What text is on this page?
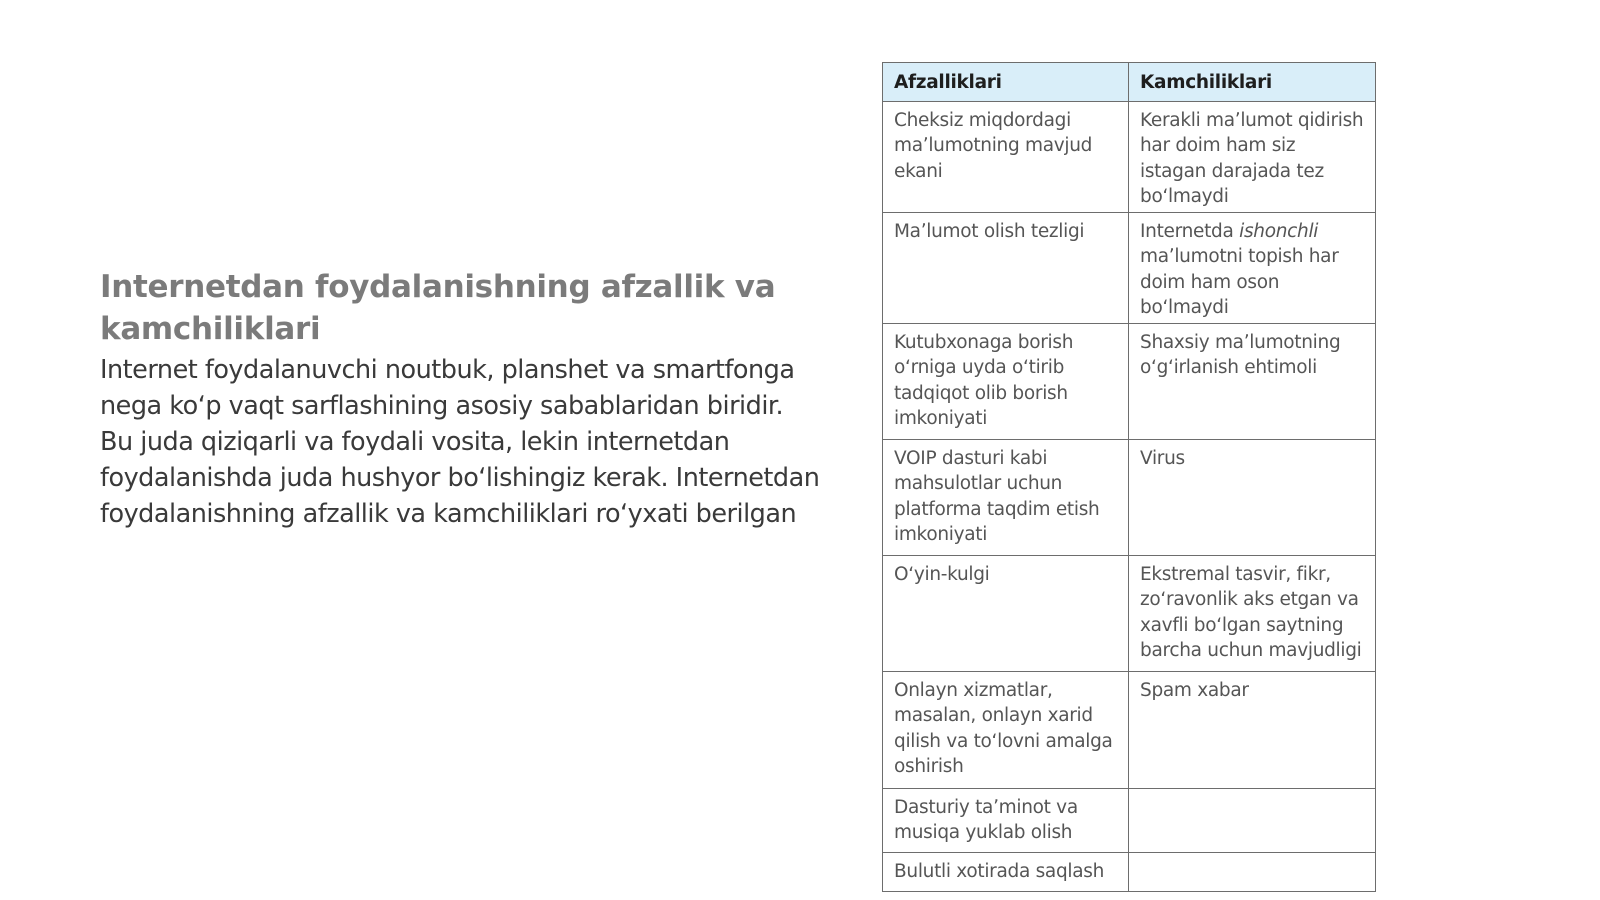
Internetdan foydalanishning afzallik va kamchiliklari

Internet foydalanuvchi noutbuk, planshet va smartfonga nega koʻp vaqt sarflashining asosiy sabablaridan biridir. Bu juda qiziqarli va foydali vosita, lekin internetdan foydalanishda juda hushyor boʻlishingiz kerak. Internetdan foydalanishning afzallik va kamchiliklari roʻyxati berilgan

Afzalliklari	Kamchiliklari
Cheksiz miqdordagi maʼlumotning mavjud ekani	Kerakli maʼlumot qidirish har doim ham siz istagan darajada tez boʻlmaydi
Maʼlumot olish tezligi	Internetda ishonchli maʼlumotni topish har doim ham oson boʻlmaydi
Kutubxonaga borish oʻrniga uyda oʻtirib tadqiqot olib borish imkoniyati	Shaxsiy maʼlumotning oʻgʻirlanish ehtimoli
VOIP dasturi kabi mahsulotlar uchun platforma taqdim etish imkoniyati	Virus
Oʻyin-kulgi	Ekstremal tasvir, fikr, zoʻravonlik aks etgan va xavfli boʻlgan saytning barcha uchun mavjudligi
Onlayn xizmatlar, masalan, onlayn xarid qilish va toʻlovni amalga oshirish	Spam xabar
Dasturiy taʼminot va musiqa yuklab olish	
Bulutli xotirada saqlash	
